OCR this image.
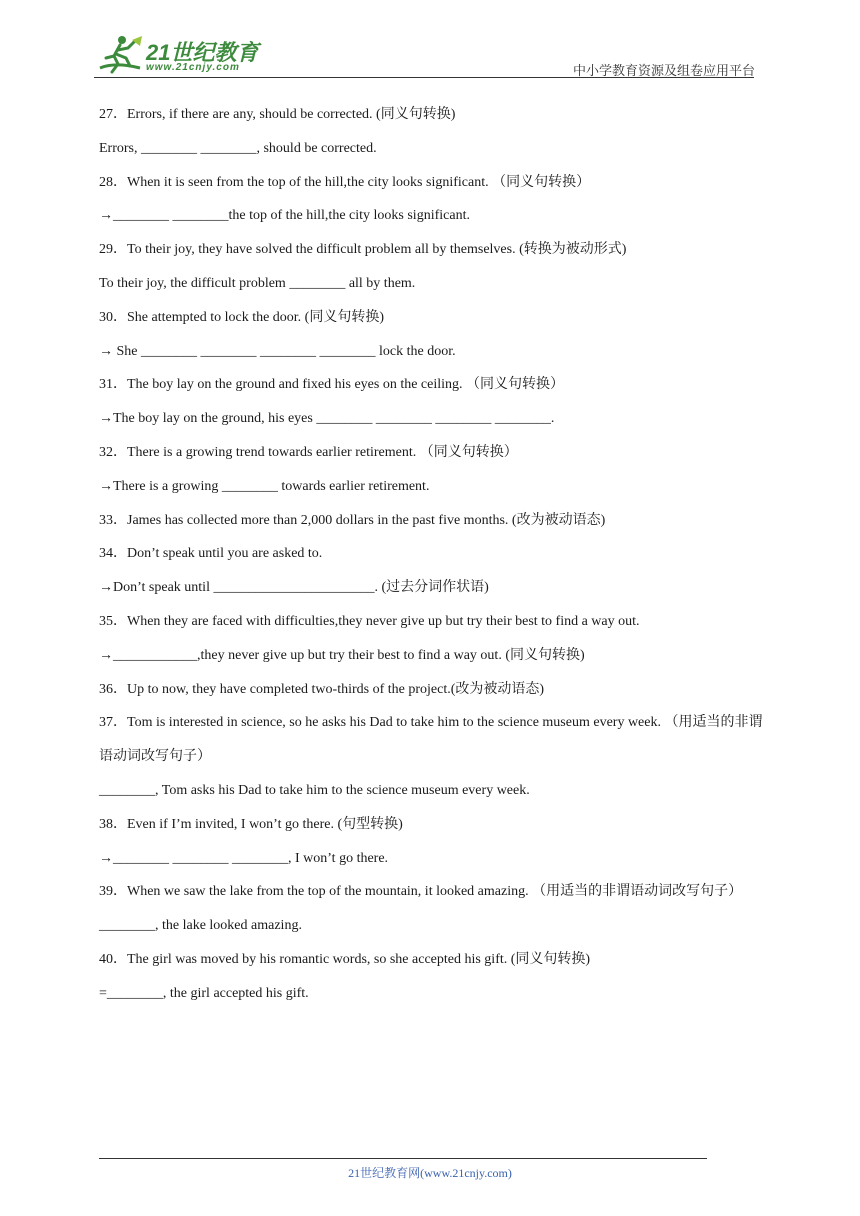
21世纪教育
www.21cnjy.com	中小学教育资源及组卷应用平台
27．Errors, if there are any, should be corrected. (同义句转换)
Errors, ________ ________, should be corrected.
28．When it is seen from the top of the hill,the city looks significant. （同义句转换）
→________ ________the top of the hill,the city looks significant.
29．To their joy, they have solved the difficult problem all by themselves. (转换为被动形式)
To their joy, the difficult problem ________ all by them.
30．She attempted to lock the door. (同义句转换)
→ She ________ ________ ________ ________ lock the door.
31．The boy lay on the ground and fixed his eyes on the ceiling. （同义句转换）
→The boy lay on the ground, his eyes ________ ________ ________ ________.
32．There is a growing trend towards earlier retirement. （同义句转换）
→There is a growing ________ towards earlier retirement.
33．James has collected more than 2,000 dollars in the past five months. (改为被动语态)
34．Don’t speak until you are asked to.
→Don’t speak until _______________________. (过去分词作状语)
35．When they are faced with difficulties,they never give up but try their best to find a way out.
→____________,they never give up but try their best to find a way out. (同义句转换)
36．Up to now, they have completed two-thirds of the project.(改为被动语态)
37．Tom is interested in science, so he asks his Dad to take him to the science museum every week. （用适当的非谓语动词改写句子）
________, Tom asks his Dad to take him to the science museum every week.
38．Even if I’m invited, I won’t go there. (句型转换)
→________ ________ ________, I won’t go there.
39．When we saw the lake from the top of the mountain, it looked amazing. （用适当的非谓语动词改写句子）
________, the lake looked amazing.
40．The girl was moved by his romantic words, so she accepted his gift. (同义句转换)
=________, the girl accepted his gift.
21世纪教育网(www.21cnjy.com)
